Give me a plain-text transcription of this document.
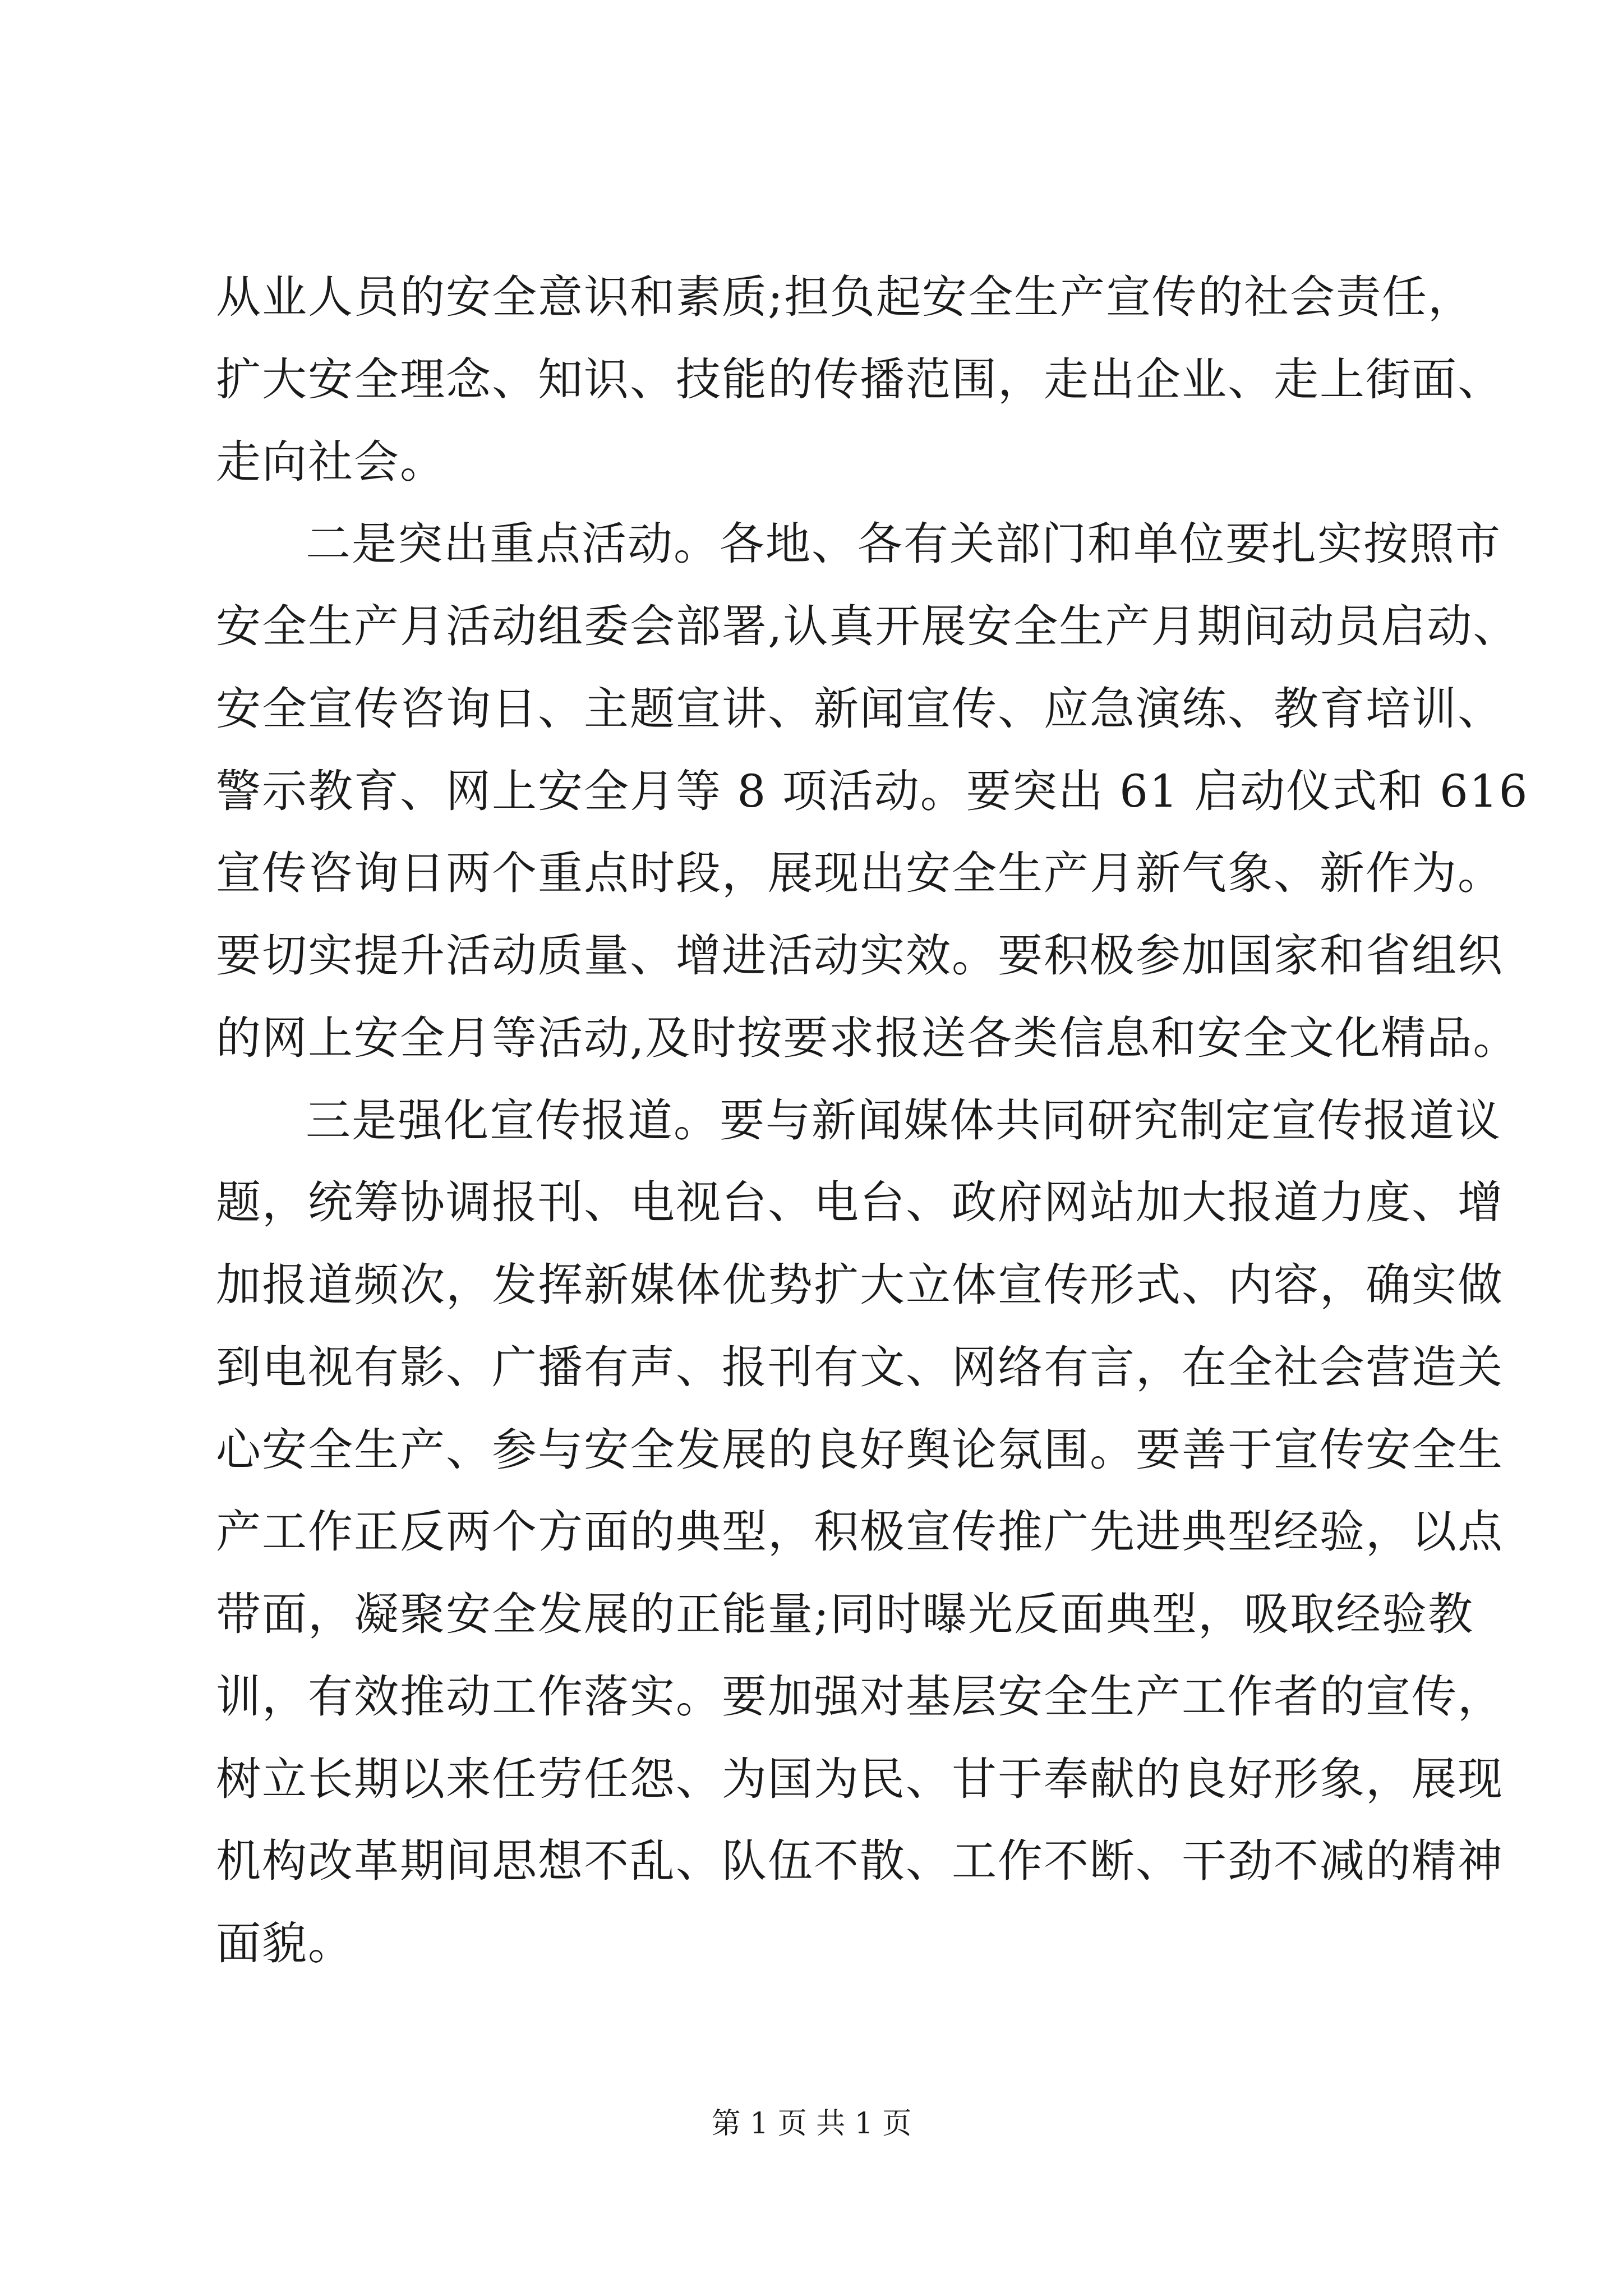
从业人员的安全意识和素质;担负起安全生产宣传的社会责任，
扩大安全理念、知识、技能的传播范围，走出企业、走上街面、
走向社会。
二是突出重点活动。各地、各有关部门和单位要扎实按照市
安全生产月活动组委会部署,认真开展安全生产月期间动员启动、
安全宣传咨询日、主题宣讲、新闻宣传、应急演练、教育培训、
警示教育、网上安全月等 8 项活动。要突出 61 启动仪式和 616
宣传咨询日两个重点时段，展现出安全生产月新气象、新作为。
要切实提升活动质量、增进活动实效。要积极参加国家和省组织
的网上安全月等活动,及时按要求报送各类信息和安全文化精品。
三是强化宣传报道。要与新闻媒体共同研究制定宣传报道议
题，统筹协调报刊、电视台、电台、政府网站加大报道力度、增
加报道频次，发挥新媒体优势扩大立体宣传形式、内容，确实做
到电视有影、广播有声、报刊有文、网络有言，在全社会营造关
心安全生产、参与安全发展的良好舆论氛围。要善于宣传安全生
产工作正反两个方面的典型，积极宣传推广先进典型经验，以点
带面，凝聚安全发展的正能量;同时曝光反面典型，吸取经验教
训，有效推动工作落实。要加强对基层安全生产工作者的宣传，
树立长期以来任劳任怨、为国为民、甘于奉献的良好形象，展现
机构改革期间思想不乱、队伍不散、工作不断、干劲不减的精神
面貌。
第 1 页 共 1 页
